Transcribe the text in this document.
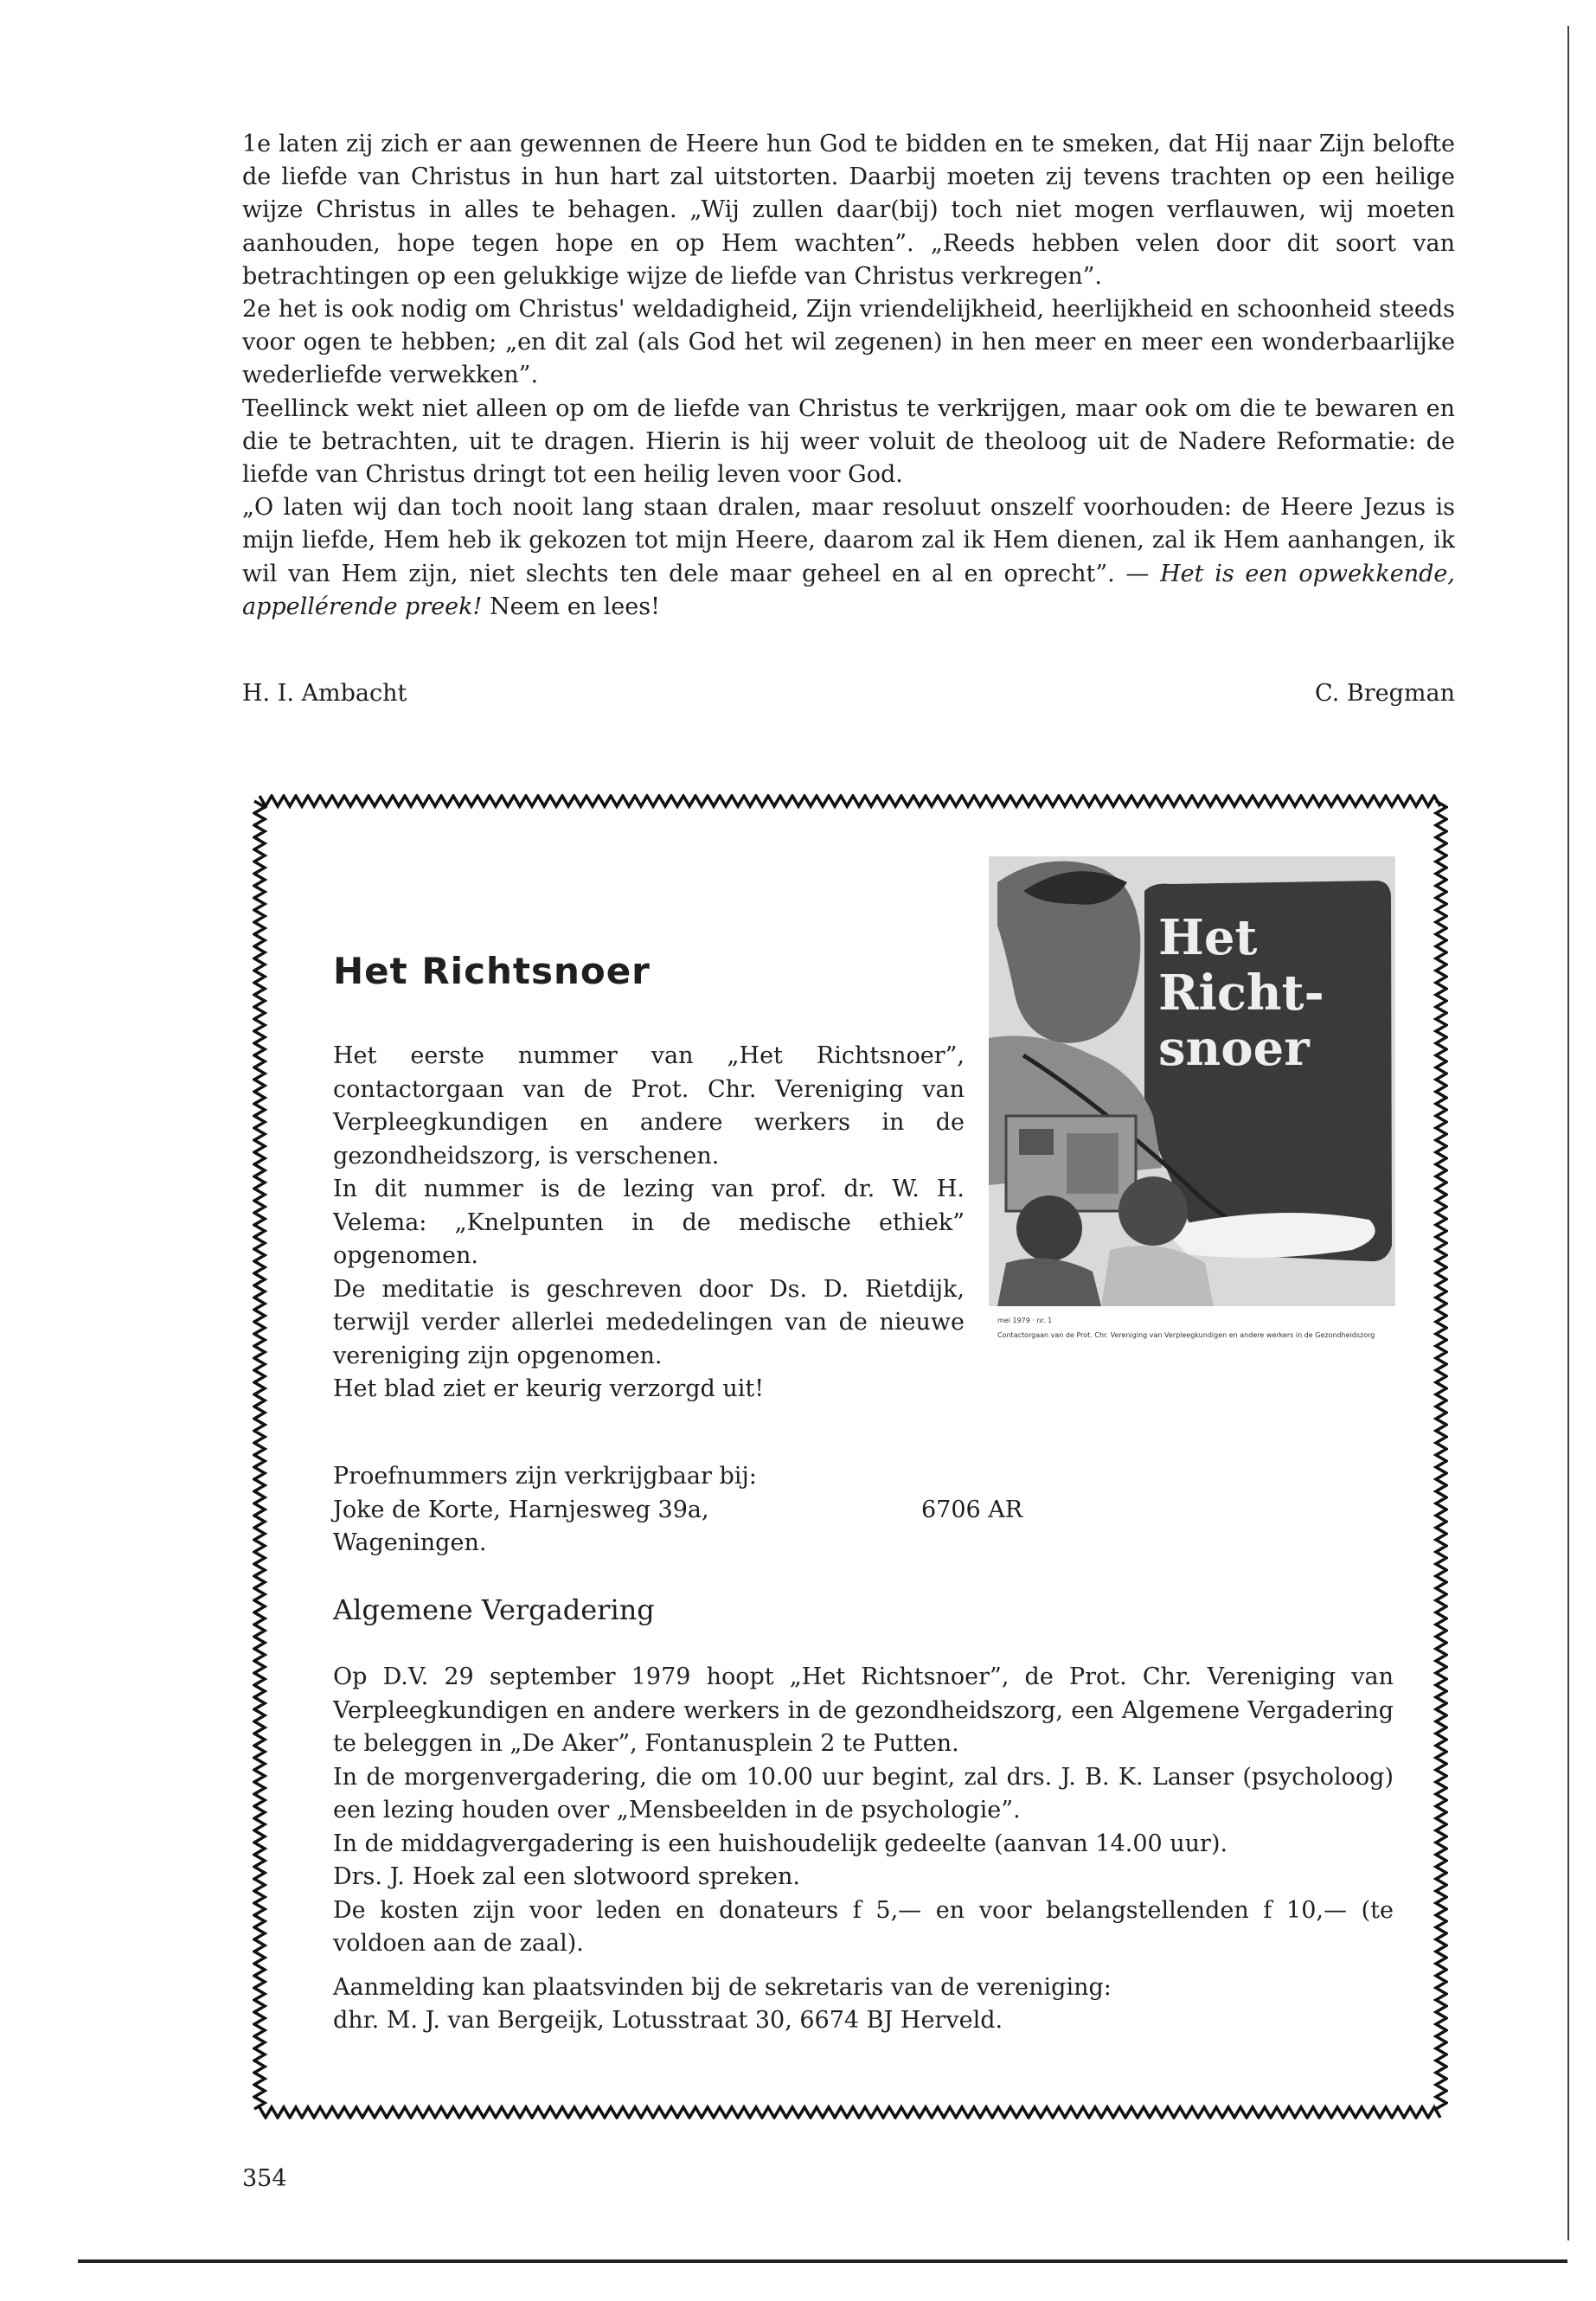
1e laten zij zich er aan gewennen de Heere hun God te bidden en te smeken, dat Hij naar Zijn belofte de liefde van Christus in hun hart zal uitstorten. Daarbij moeten zij tevens trachten op een heilige wijze Christus in alles te behagen. „Wij zullen daar(bij) toch niet mogen verflauwen, wij moeten aanhouden, hope tegen hope en op Hem wachten”. „Reeds hebben velen door dit soort van betrachtingen op een gelukkige wijze de liefde van Christus verkregen”.

2e het is ook nodig om Christus' weldadigheid, Zijn vriendelijkheid, heerlijkheid en schoonheid steeds voor ogen te hebben; „en dit zal (als God het wil zegenen) in hen meer en meer een wonderbaarlijke wederliefde verwekken”.

Teellinck wekt niet alleen op om de liefde van Christus te verkrijgen, maar ook om die te bewaren en die te betrachten, uit te dragen. Hierin is hij weer voluit de theoloog uit de Nadere Reformatie: de liefde van Christus dringt tot een heilig leven voor God.

„O laten wij dan toch nooit lang staan dralen, maar resoluut onszelf voorhouden: de Heere Jezus is mijn liefde, Hem heb ik gekozen tot mijn Heere, daarom zal ik Hem dienen, zal ik Hem aanhangen, ik wil van Hem zijn, niet slechts ten dele maar geheel en al en oprecht”. — Het is een opwekkende, appellérende preek! Neem en lees!

H. I. Ambacht	C. Bregman
Het Richtsnoer

Het eerste nummer van „Het Richtsnoer”, contactorgaan van de Prot. Chr. Vereniging van Verpleegkundigen en andere werkers in de gezondheidszorg, is verschenen.

In dit nummer is de lezing van prof. dr. W. H. Velema: „Knelpunten in de medische ethiek” opgenomen.

De meditatie is geschreven door Ds. D. Rietdijk, terwijl verder allerlei mededelingen van de nieuwe vereniging zijn opgenomen.

Het blad ziet er keurig verzorgd uit!

Het
Richt-
snoer
mei 1979 · nr. 1
Contactorgaan van de Prot. Chr. Vereniging van Verpleegkundigen en andere werkers in de Gezondheidszorg

Proefnummers zijn verkrijgbaar bij:

Joke de Korte, Harnjesweg 39a,	6706 ARWageningen.

Algemene Vergadering

Op D.V. 29 september 1979 hoopt „Het Richtsnoer”, de Prot. Chr. Vereniging van Verpleegkundigen en andere werkers in de gezondheidszorg, een Algemene Vergadering te beleggen in „De Aker”, Fontanusplein 2 te Putten.

In de morgenvergadering, die om 10.00 uur begint, zal drs. J. B. K. Lanser (psycholoog) een lezing houden over „Mensbeelden in de psychologie”.

In de middagvergadering is een huishoudelijk gedeelte (aanvan 14.00 uur).

Drs. J. Hoek zal een slotwoord spreken.

De kosten zijn voor leden en donateurs f 5,— en voor belangstellenden f 10,— (te voldoen aan de zaal).

Aanmelding kan plaatsvinden bij de sekretaris van de vereniging:

dhr. M. J. van Bergeijk, Lotusstraat 30, 6674 BJ Herveld.

354
